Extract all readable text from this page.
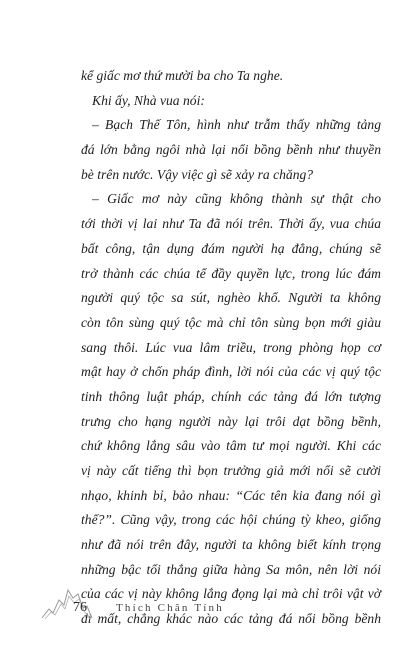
kể giấc mơ thứ mười ba cho Ta nghe.
Khi ấy, Nhà vua nói:
– Bạch Thế Tôn, hình như trẫm thấy những tảng
đá lớn bằng ngôi nhà lại nổi bồng bềnh như thuyền
bè trên nước. Vậy việc gì sẽ xảy ra chăng?
– Giấc mơ này cũng không thành sự thật cho
tới thời vị lai như Ta đã nói trên. Thời ấy, vua chúa
bất công, tận dụng đám người hạ đẳng, chúng sẽ
trở thành các chúa tể đầy quyền lực, trong lúc đám
người quý tộc sa sút, nghèo khổ. Người ta không
còn tôn sùng quý tộc mà chỉ tôn sùng bọn mới giàu
sang thôi. Lúc vua lâm triều, trong phòng họp cơ
mật hay ở chốn pháp đình, lời nói của các vị quý tộc
tinh thông luật pháp, chính các tảng đá lớn tượng
trưng cho hạng người này lại trôi dạt bồng bềnh,
chứ không lắng sâu vào tâm tư mọi người. Khi các
vị này cất tiếng thì bọn trưởng giả mới nổi sẽ cười
nhạo, khinh bỉ, bảo nhau: “Các tên kia đang nói gì
thế?”. Cũng vậy, trong các hội chúng tỳ kheo, giống
như đã nói trên đây, người ta không biết kính trọng
những bậc tối thắng giữa hàng Sa môn, nên lời nói
của các vị này không lắng đọng lại mà chỉ trôi vật vờ
đi mất, chẳng khác nào các tảng đá nổi bồng bềnh
76	Thích Chân Tính
